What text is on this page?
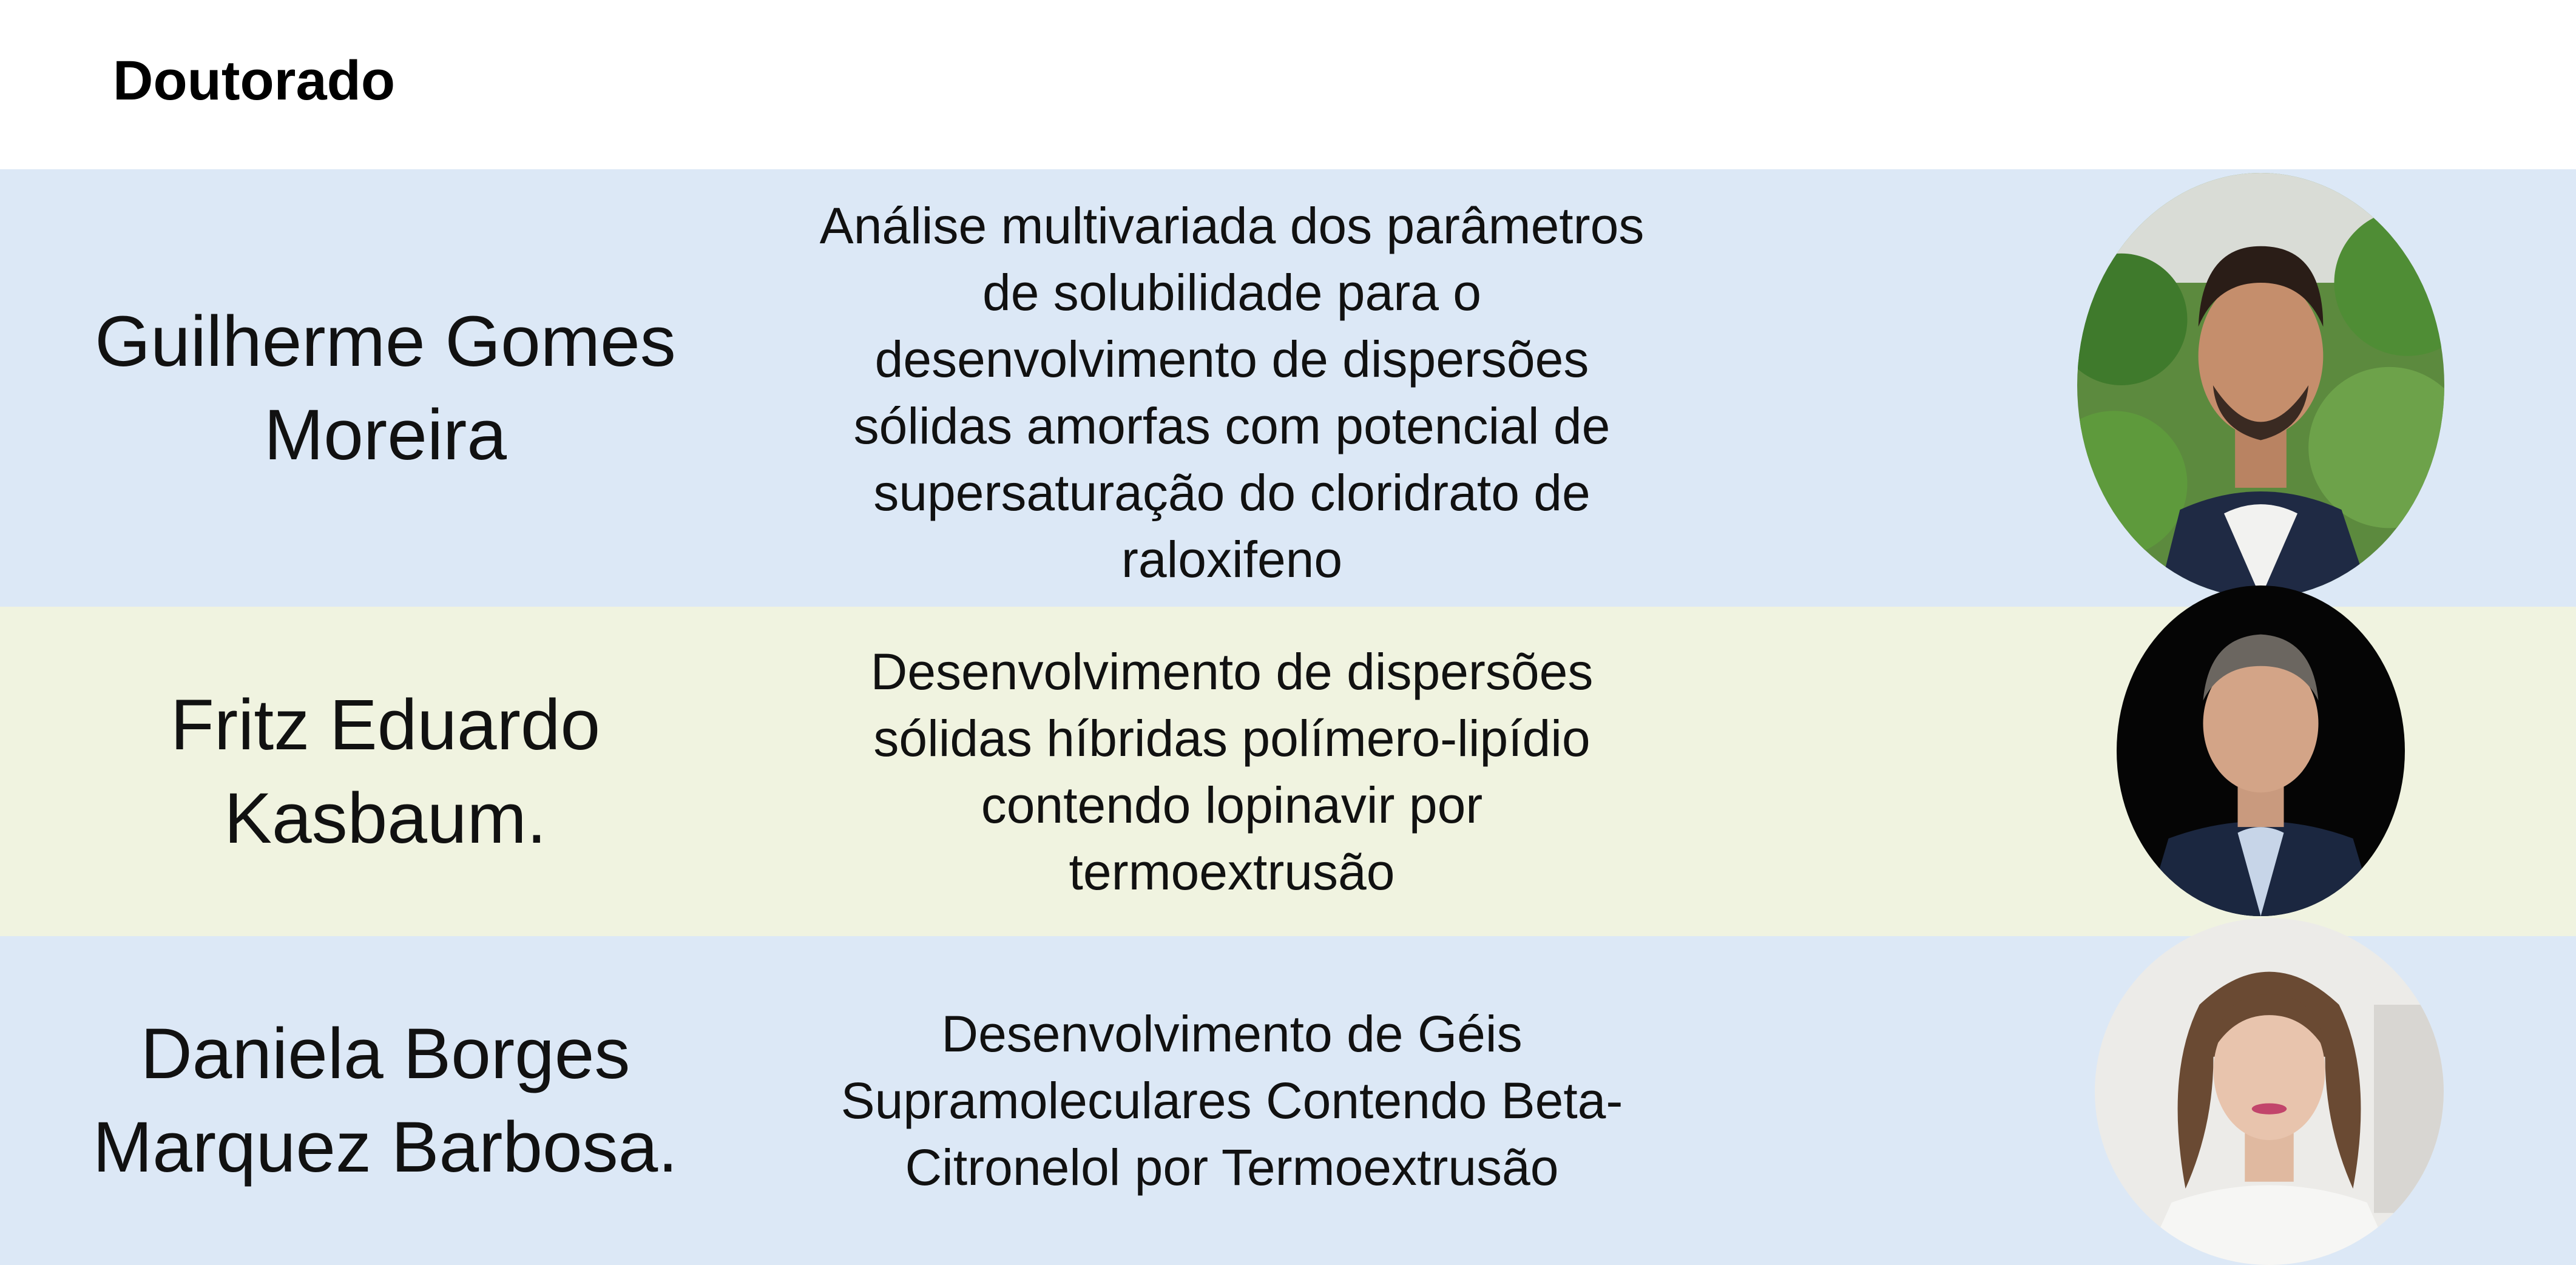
Doutorado
Guilherme Gomes
Moreira
Análise multivariada dos parâmetros
de solubilidade para o
desenvolvimento de dispersões
sólidas amorfas com potencial de
supersaturação do cloridrato de
raloxifeno
Fritz Eduardo
Kasbaum.
Desenvolvimento de dispersões
sólidas híbridas polímero-lipídio
contendo lopinavir por
termoextrusão
Daniela Borges
Marquez Barbosa.
Desenvolvimento de Géis
Supramoleculares Contendo Beta-
Citronelol por Termoextrusão
